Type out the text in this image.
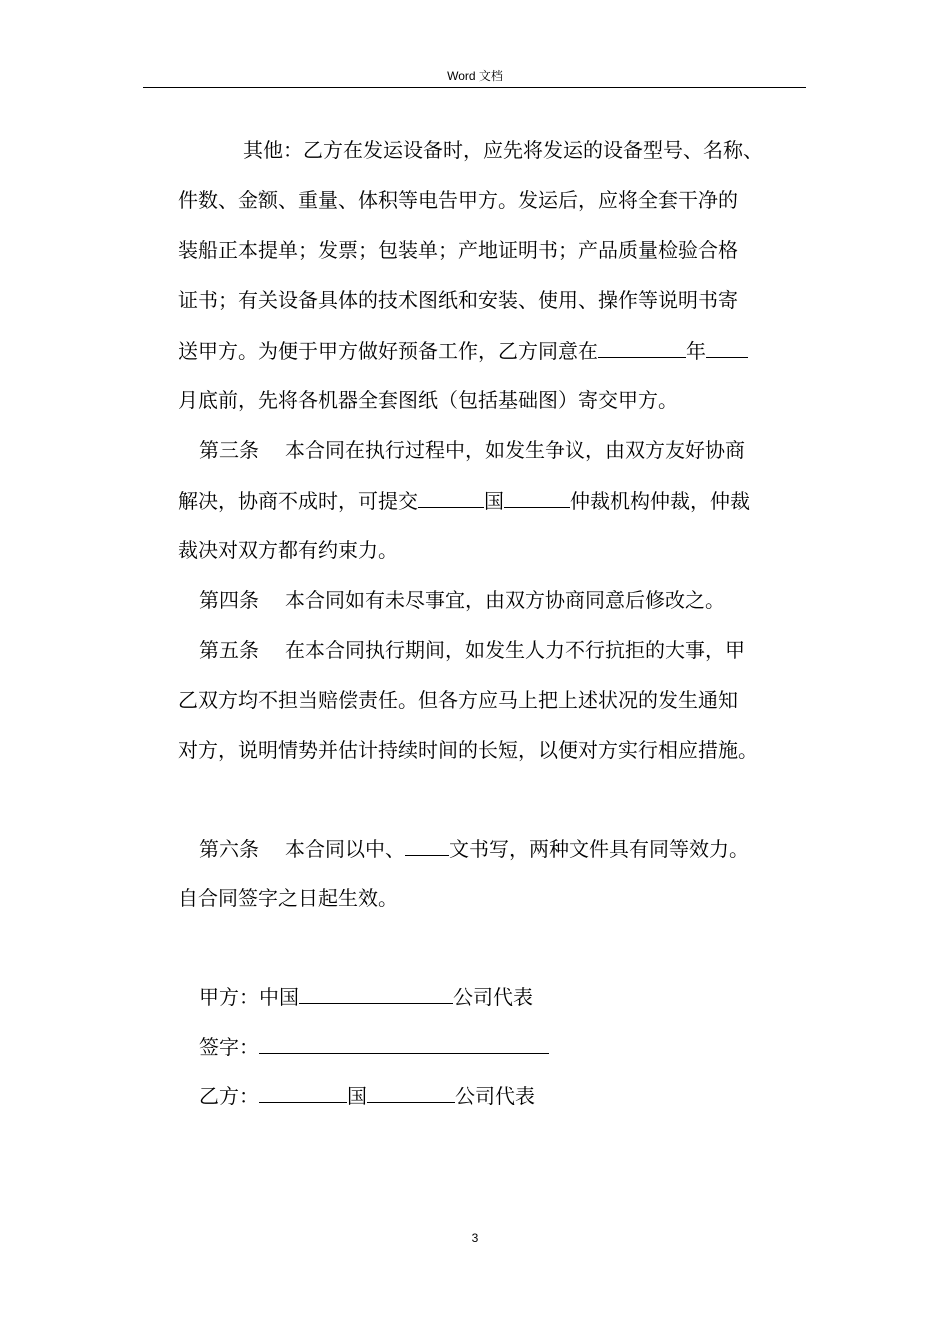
Word 文档
其他：乙方在发运设备时，应先将发运的设备型号、名称、
件数、金额、重量、体积等电告甲方。发运后，应将全套干净的
装船正本提单；发票；包装单；产地证明书；产品质量检验合格
证书；有关设备具体的技术图纸和安装、使用、操作等说明书寄
送甲方。为便于甲方做好预备工作，乙方同意在	年
月底前，先将各机器全套图纸（包括基础图）寄交甲方。
第三条 本合同在执行过程中，如发生争议，由双方友好协商
解决，协商不成时，可提交	国	仲裁机构仲裁，仲裁
裁决对双方都有约束力。
第四条 本合同如有未尽事宜，由双方协商同意后修改之。
第五条 在本合同执行期间，如发生人力不行抗拒的大事，甲
乙双方均不担当赔偿责任。但各方应马上把上述状况的发生通知
对方，说明情势并估计持续时间的长短，以便对方实行相应措施。
第六条 本合同以中、 文书写，两种文件具有同等效力。
自合同签字之日起生效。
甲方：中国	公司代表
签字：
乙方：	国	公司代表
3
